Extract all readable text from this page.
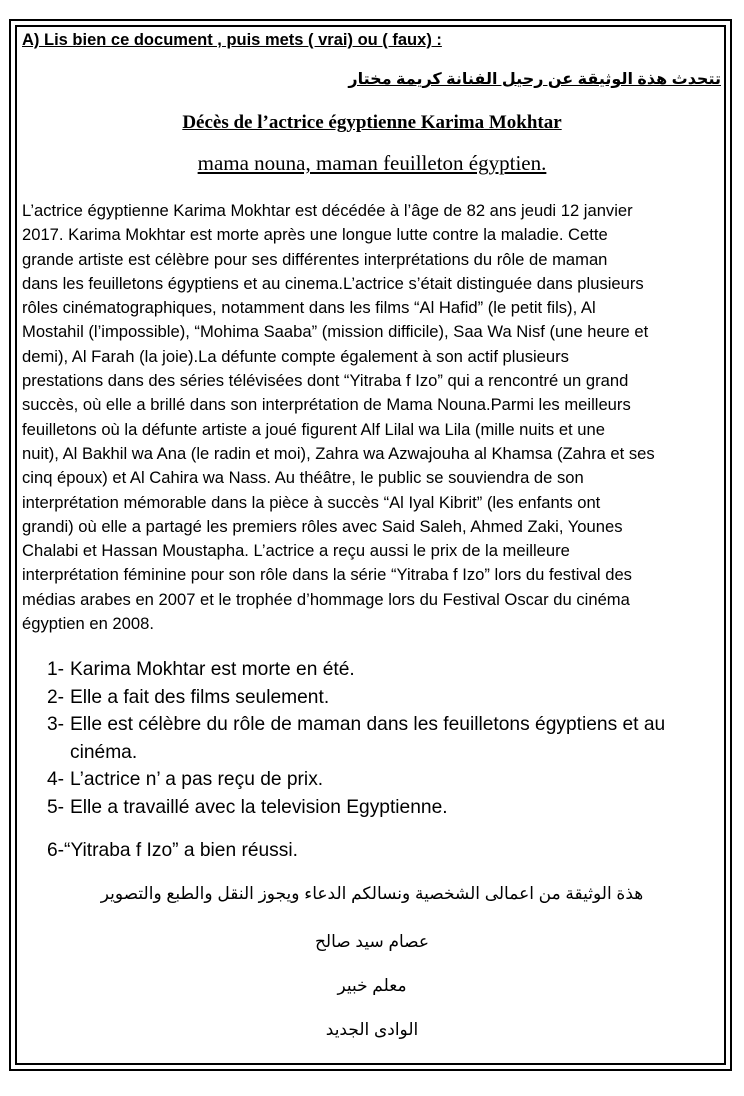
A) Lis bien ce document , puis mets ( vrai) ou ( faux) :
تتحدث هذة الوثيقة عن رحيل الفنانة كريمة مختار
Décès de l’actrice égyptienne Karima Mokhtar
mama nouna, maman feuilleton égyptien.

L’actrice égyptienne Karima Mokhtar est décédée à l’âge de 82 ans jeudi 12 janvier
2017. Karima Mokhtar est morte après une longue lutte contre la maladie. Cette
grande artiste est célèbre pour ses différentes interprétations du rôle de maman
dans les feuilletons égyptiens et au cinema.L’actrice s’était distinguée dans plusieurs
rôles cinématographiques, notamment dans les films “Al Hafid” (le petit fils), Al
Mostahil (l’impossible), “Mohima Saaba” (mission difficile), Saa Wa Nisf (une heure et
demi), Al Farah (la joie).La défunte compte également à son actif plusieurs
prestations dans des séries télévisées dont “Yitraba f Izo” qui a rencontré un grand
succès, où elle a brillé dans son interprétation de Mama Nouna.Parmi les meilleurs
feuilletons où la défunte artiste a joué figurent Alf Lilal wa Lila (mille nuits et une
nuit), Al Bakhil wa Ana (le radin et moi), Zahra wa Azwajouha al Khamsa (Zahra et ses
cinq époux) et Al Cahira wa Nass. Au théâtre, le public se souviendra de son
interprétation mémorable dans la pièce à succès “Al Iyal Kibrit” (les enfants ont
grandi) où elle a partagé les premiers rôles avec Said Saleh, Ahmed Zaki, Younes
Chalabi et Hassan Moustapha. L’actrice a reçu aussi le prix de la meilleure
interprétation féminine pour son rôle dans la série “Yitraba f Izo” lors du festival des
médias arabes en 2007 et le trophée d’hommage lors du Festival Oscar du cinéma
égyptien en 2008.

1- Karima Mokhtar est morte en été.
2- Elle a fait des films seulement.
3- Elle est célèbre du rôle de maman dans les feuilletons égyptiens et au cinéma.
4- L’actrice n’ a pas reçu de prix.
5- Elle a travaillé avec la television Egyptienne.
6-“Yitraba f Izo” a bien réussi.
هذة الوثيقة من اعمالى الشخصية ونسالكم الدعاء ويجوز النقل والطبع والتصوير
عصام سيد صالح
معلم خبير
الوادى الجديد
